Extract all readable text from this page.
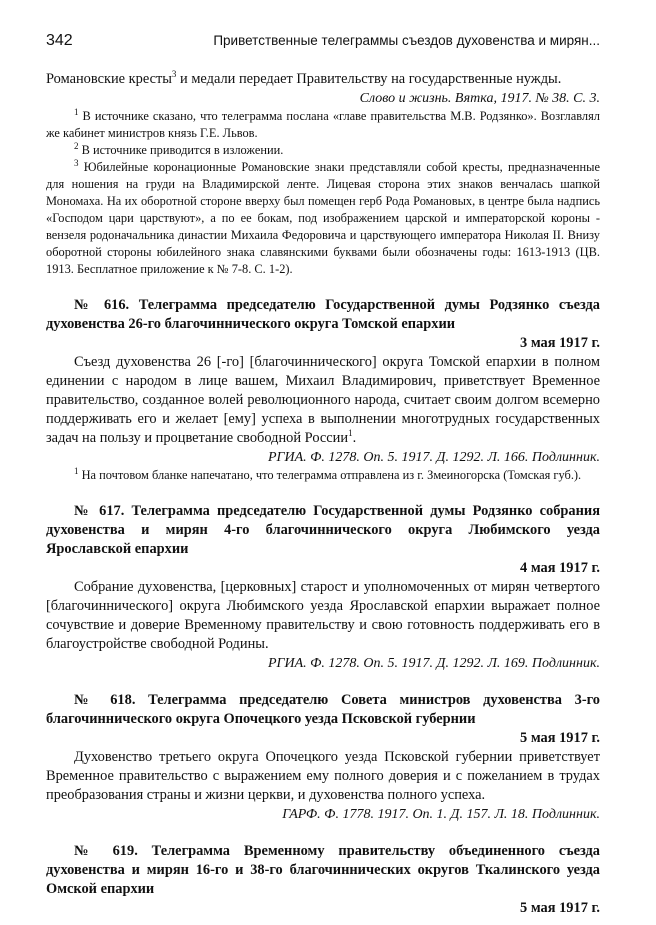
342	Приветственные телеграммы съездов духовенства и мирян...

Романовские кресты$^3$ и медали передает Правительству на государственные нужды.

Слово и жизнь. Вятка, 1917. № 38. С. 3.

$^1$ В источнике сказано, что телеграмма послана «главе правительства М.В. Родзянко». Возглавлял же кабинет министров князь Г.Е. Львов.

$^2$ В источнике приводится в изложении.

$^3$ Юбилейные коронационные Романовские знаки представляли собой кресты, предназначенные для ношения на груди на Владимирской ленте. Лицевая сторона этих знаков венчалась шапкой Мономаха. На их оборотной стороне вверху был помещен герб Рода Романовых, в центре была надпись «Господом цари царствуют», а по ее бокам, под изображением царской и императорской короны - вензеля родоначальника династии Михаила Федоровича и царствующего императора Николая II. Внизу оборотной стороны юбилейного знака славянскими буквами были обозначены годы: 1613-1913 (ЦВ. 1913. Бесплатное приложение к № 7-8. С. 1-2).

№ 616. Телеграмма председателю Государственной думы Родзянко съезда духовенства 26-го благочиннического округа Томской епархии

3 мая 1917 г.

Съезд духовенства 26 [-го] [благочиннического] округа Томской епархии в полном единении с народом в лице вашем, Михаил Владимирович, приветствует Временное правительство, созданное волей революционного народа, считает своим долгом всемерно поддерживать его и желает [ему] успеха в выполнении многотрудных государственных задач на пользу и процветание свободной России$^1$.

РГИА. Ф. 1278. Оп. 5. 1917. Д. 1292. Л. 166. Подлинник.

$^1$ На почтовом бланке напечатано, что телеграмма отправлена из г. Змеиногорска (Томская губ.).

№ 617. Телеграмма председателю Государственной думы Родзянко собрания духовенства и мирян 4-го благочиннического округа Любимского уезда Ярославской епархии

4 мая 1917 г.

Собрание духовенства, [церковных] старост и уполномоченных от мирян четвертого [благочиннического] округа Любимского уезда Ярославской епархии выражает полное сочувствие и доверие Временному правительству и свою готовность поддерживать его в благоустройстве свободной Родины.

РГИА. Ф. 1278. Оп. 5. 1917. Д. 1292. Л. 169. Подлинник.

№ 618. Телеграмма председателю Совета министров духовенства 3-го благочиннического округа Опочецкого уезда Псковской губернии

5 мая 1917 г.

Духовенство третьего округа Опочецкого уезда Псковской губернии приветствует Временное правительство с выражением ему полного доверия и с пожеланием в трудах преобразования страны и жизни церкви, и духовенства полного успеха.

ГАРФ. Ф. 1778. 1917. Оп. 1. Д. 157. Л. 18. Подлинник.

№ 619. Телеграмма Временному правительству объединенного съезда духовенства и мирян 16-го и 38-го благочиннических округов Ткалинского уезда Омской епархии

5 мая 1917 г.
